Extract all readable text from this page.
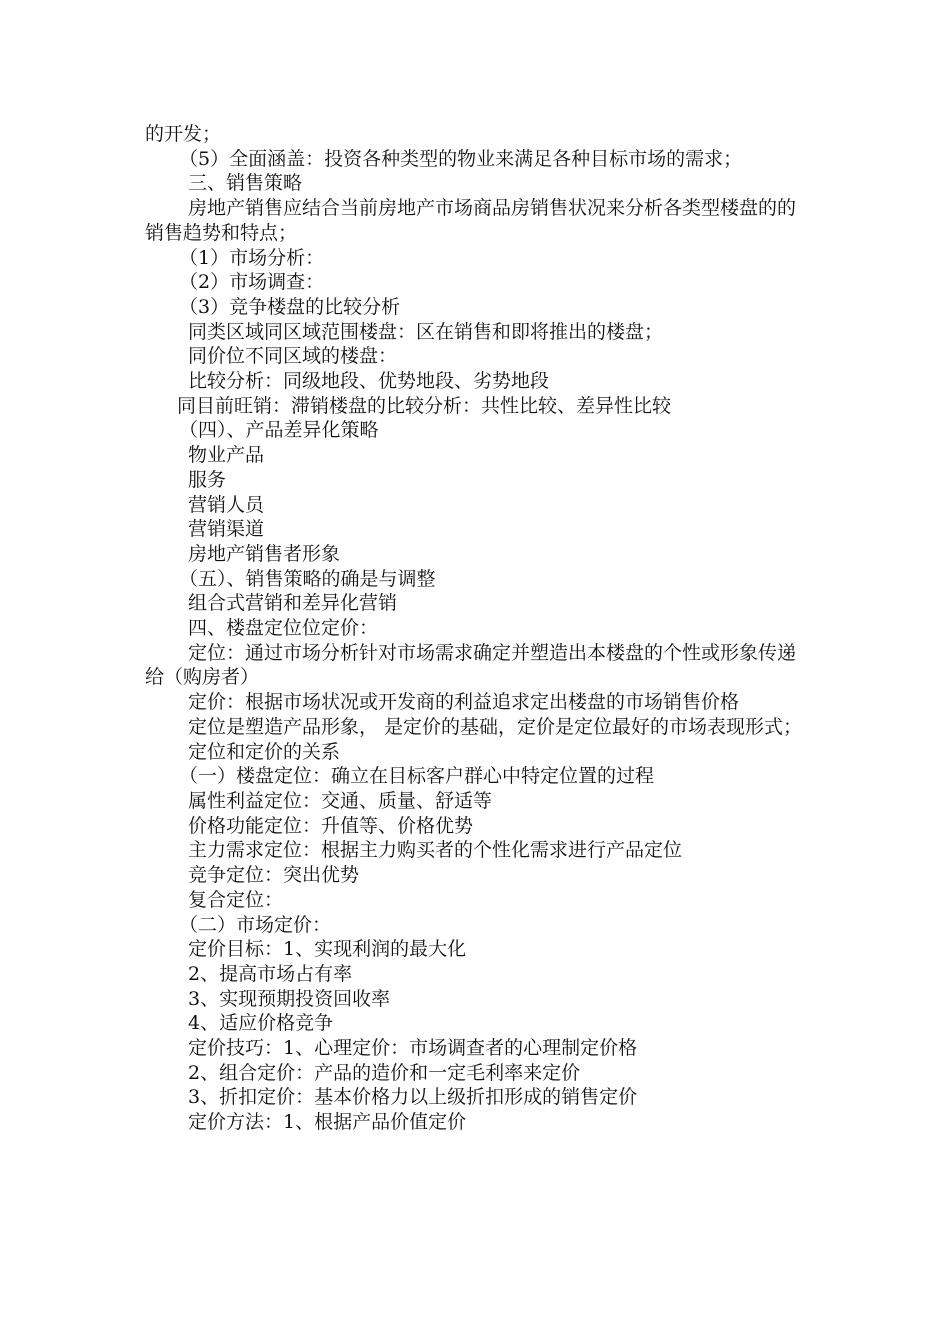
的开发；

（5）全面涵盖：投资各种类型的物业来满足各种目标市场的需求；

三、销售策略

房地产销售应结合当前房地产市场商品房销售状况来分析各类型楼盘的的销售趋势和特点；

（1）市场分析：

（2）市场调查：

（3）竞争楼盘的比较分析

同类区域同区域范围楼盘：区在销售和即将推出的楼盘；

同价位不同区域的楼盘：

比较分析：同级地段、优势地段、劣势地段

同目前旺销：滞销楼盘的比较分析：共性比较、差异性比较

（四）、产品差异化策略

物业产品

服务

营销人员

营销渠道

房地产销售者形象

（五）、销售策略的确是与调整

组合式营销和差异化营销

四、楼盘定位位定价：

定位：通过市场分析针对市场需求确定并塑造出本楼盘的个性或形象传递给（购房者）

定价：根据市场状况或开发商的利益追求定出楼盘的市场销售价格

定位是塑造产品形象， 是定价的基础，定价是定位最好的市场表现形式；

定位和定价的关系

（一）楼盘定位：确立在目标客户群心中特定位置的过程

属性利益定位：交通、质量、舒适等

价格功能定位：升值等、价格优势

主力需求定位：根据主力购买者的个性化需求进行产品定位

竞争定位：突出优势

复合定位：

（二）市场定价：

定价目标：1、实现利润的最大化

2、提高市场占有率

3、实现预期投资回收率

4、适应价格竞争

定价技巧：1、心理定价：市场调查者的心理制定价格

2、组合定价：产品的造价和一定毛利率来定价

3、折扣定价：基本价格力以上级折扣形成的销售定价

定价方法：1、根据产品价值定价
